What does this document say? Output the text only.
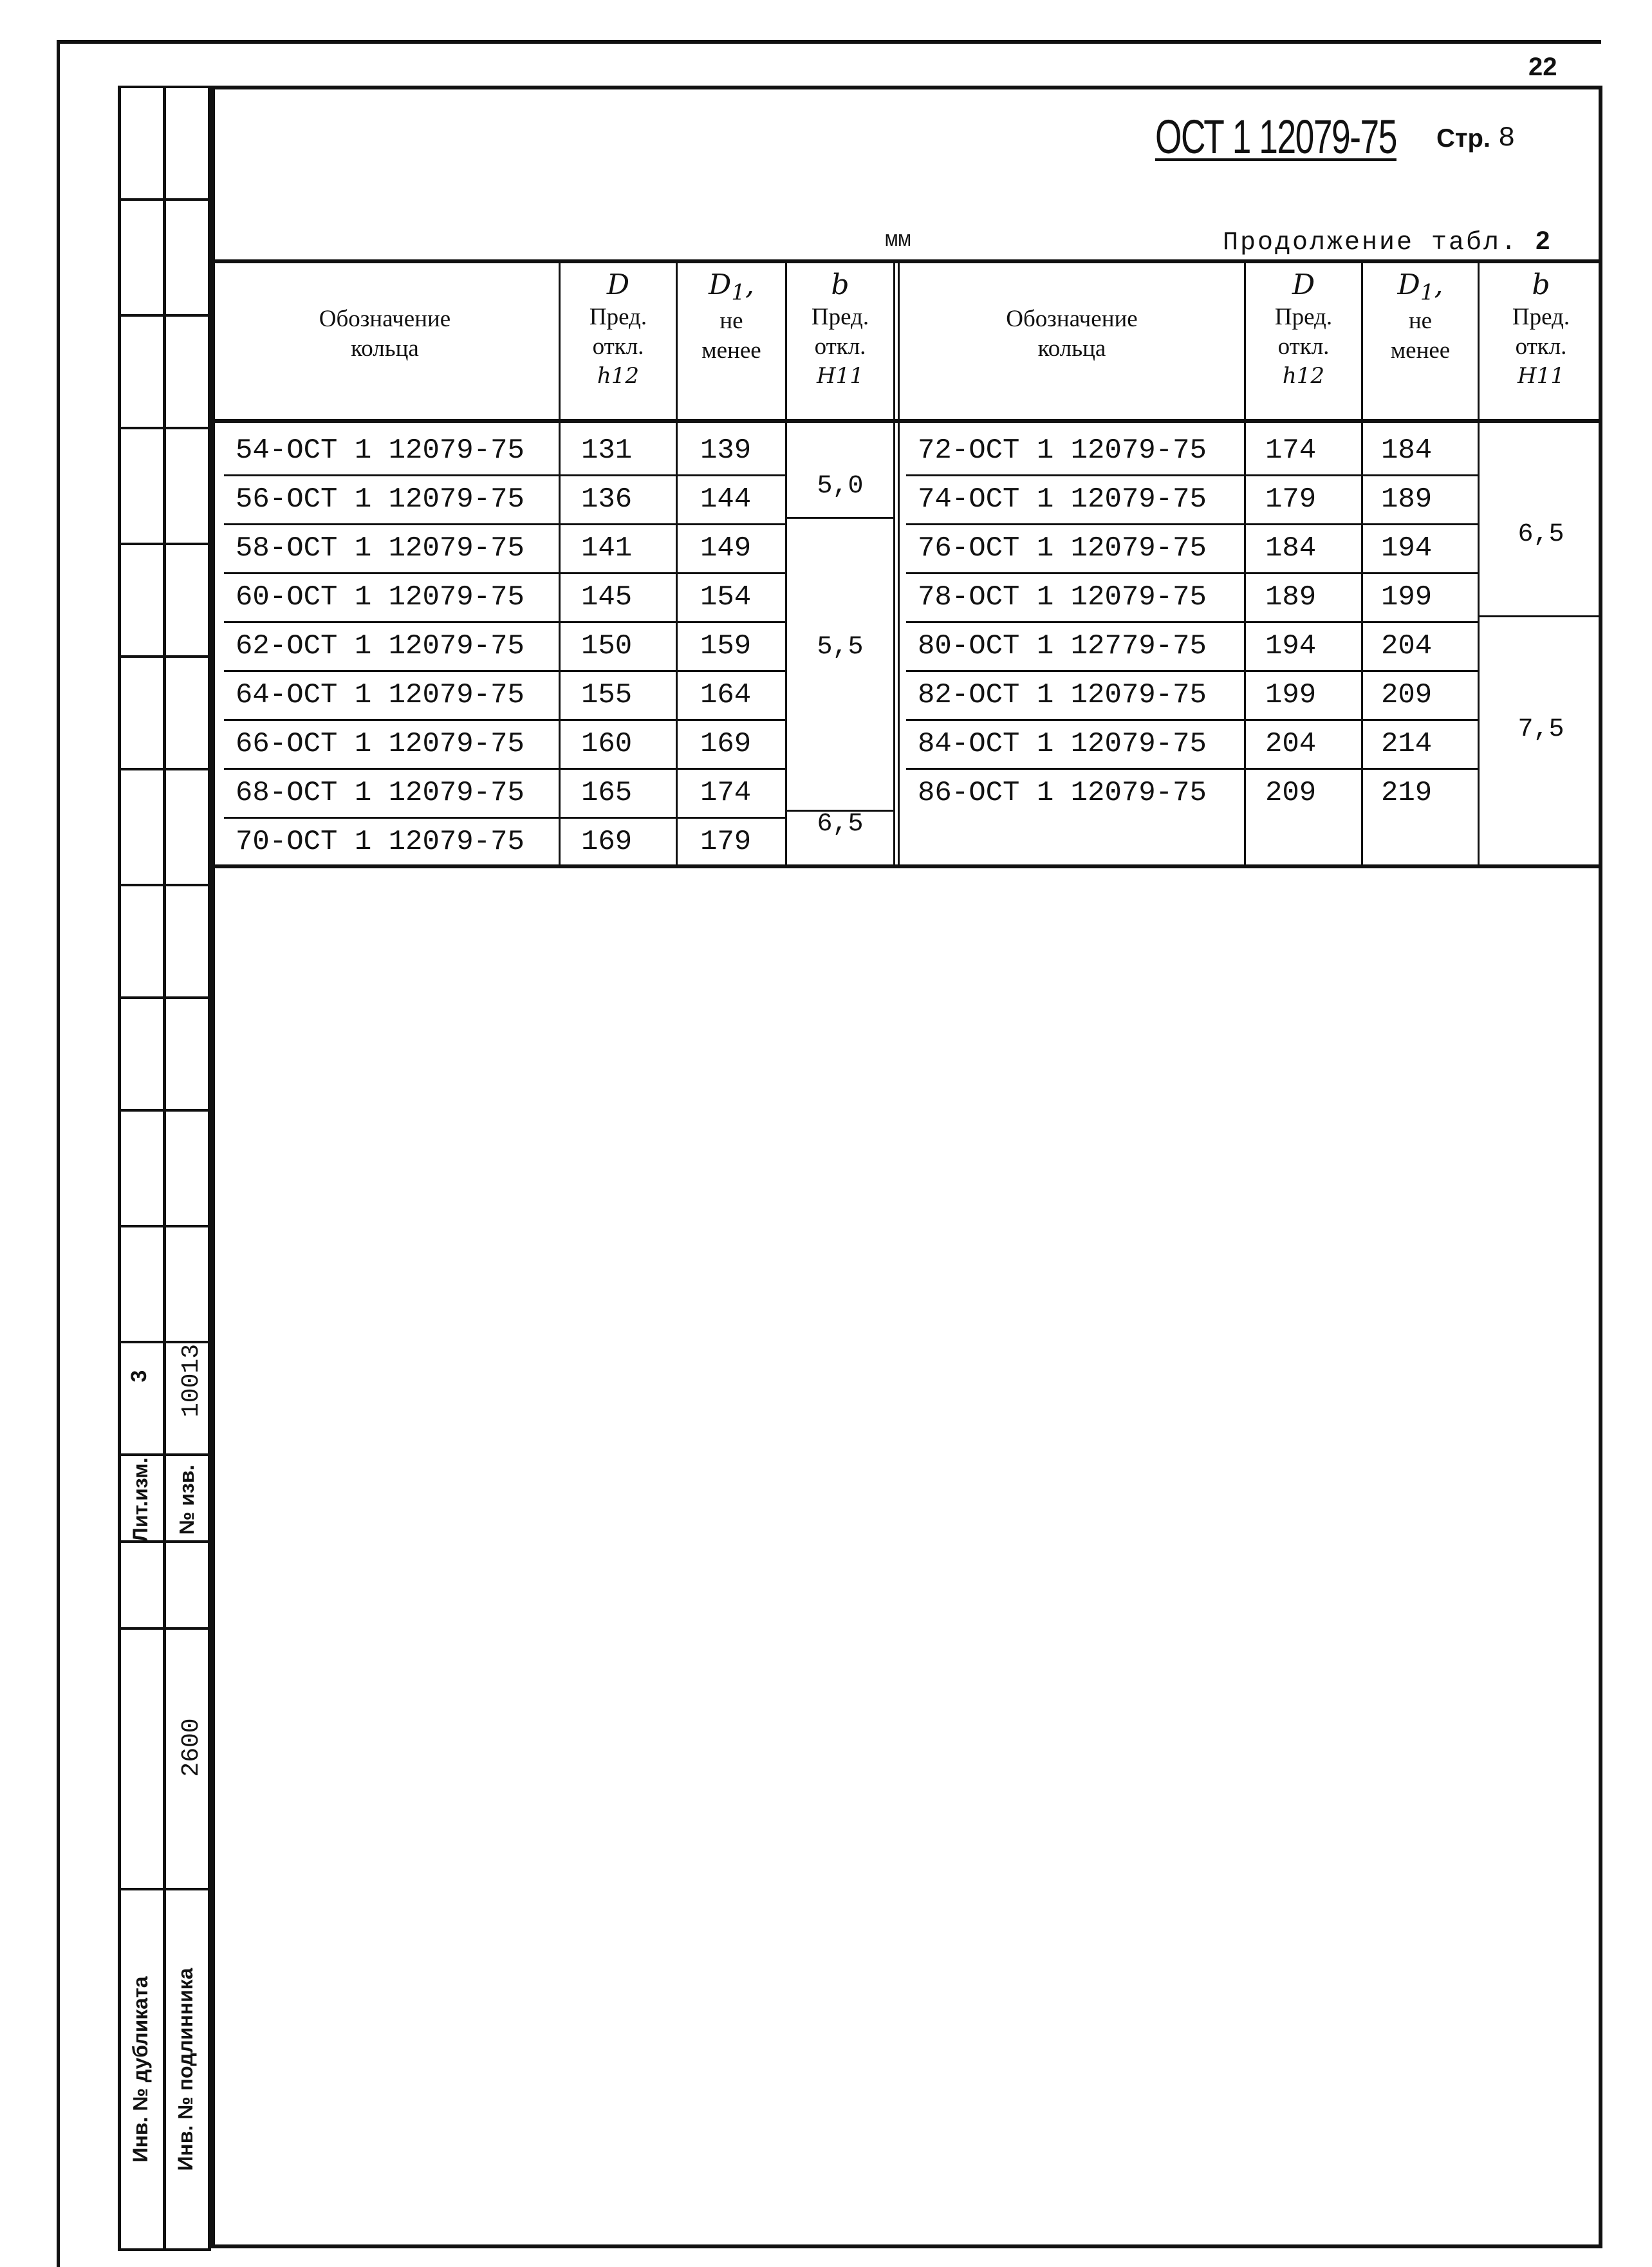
22
3
Лит.изм.
10013
№ изв.
Инв. № дубликата Инв. № подлинника
2600
ОСТ 1 12079-75 Стр. 8
мм	Продолжение табл. 2
Обозначение
кольца
D
Пред.
откл.
h12
$D_1$,
не
менее
b
Пред.
откл.
H11
Обозначение
кольца
D
Пред.
откл.
h12
$D_1$,
не
менее
b
Пред.
откл.
H11
54-ОСТ 1 12079-75 131 139
56-ОСТ 1 12079-75 136 144
58-ОСТ 1 12079-75 141 149
60-ОСТ 1 12079-75 145 154
62-ОСТ 1 12079-75 150 159
64-ОСТ 1 12079-75 155 164
66-ОСТ 1 12079-75 160 169
68-ОСТ 1 12079-75 165 174
70-ОСТ 1 12079-75 169 179
72-ОСТ 1 12079-75 174 184
74-ОСТ 1 12079-75 179 189
76-ОСТ 1 12079-75 184 194
78-ОСТ 1 12079-75 189 199
80-ОСТ 1 12779-75 194 204
82-ОСТ 1 12079-75 199 209
84-ОСТ 1 12079-75 204 214
86-ОСТ 1 12079-75 209 219
5,0
5,5
6,5
6,5
7,5
